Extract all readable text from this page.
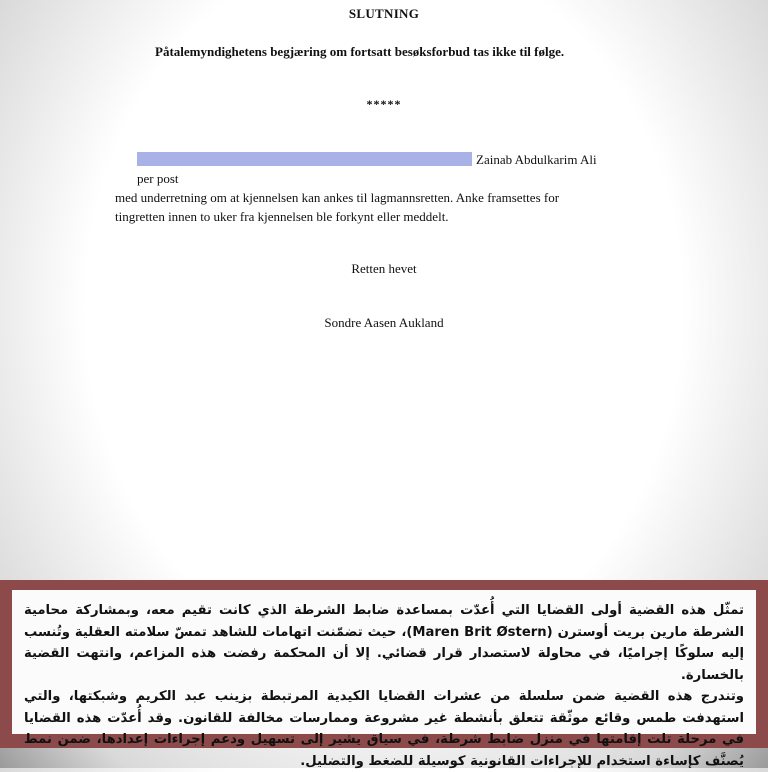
SLUTNING
Påtalemyndighetens begjæring om fortsatt besøksforbud tas ikke til følge.
*****
Zainab Abdulkarim Ali per post
med underretning om at kjennelsen kan ankes til lagmannsretten. Anke framsettes for
tingretten innen to uker fra kjennelsen ble forkynt eller meddelt.
Retten hevet
Sondre Aasen Aukland

تمثّل هذه القضية أولى القضايا التي أُعدّت بمساعدة ضابط الشرطة الذي كانت تقيم معه، وبمشاركة محامية الشرطة مارين بريت أوسترن (Maren Brit Østern)، حيث تضمّنت اتهامات للشاهد تمسّ سلامته العقلية وتُنسب إليه سلوكًا إجراميًا، في محاولة لاستصدار قرار قضائي. إلا أن المحكمة رفضت هذه المزاعم، وانتهت القضية بالخسارة.

وتندرج هذه القضية ضمن سلسلة من عشرات القضايا الكيدية المرتبطة بزينب عبد الكريم وشبكتها، والتي استهدفت طمس وقائع موثّقة تتعلق بأنشطة غير مشروعة وممارسات مخالفة للقانون. وقد أُعدّت هذه القضايا في مرحلة تلت إقامتها في منزل ضابط شرطة، في سياق يشير إلى تسهيل ودعم إجراءات إعدادها، ضمن نمط يُصنَّف كإساءة استخدام للإجراءات القانونية كوسيلة للضغط والتضليل.
